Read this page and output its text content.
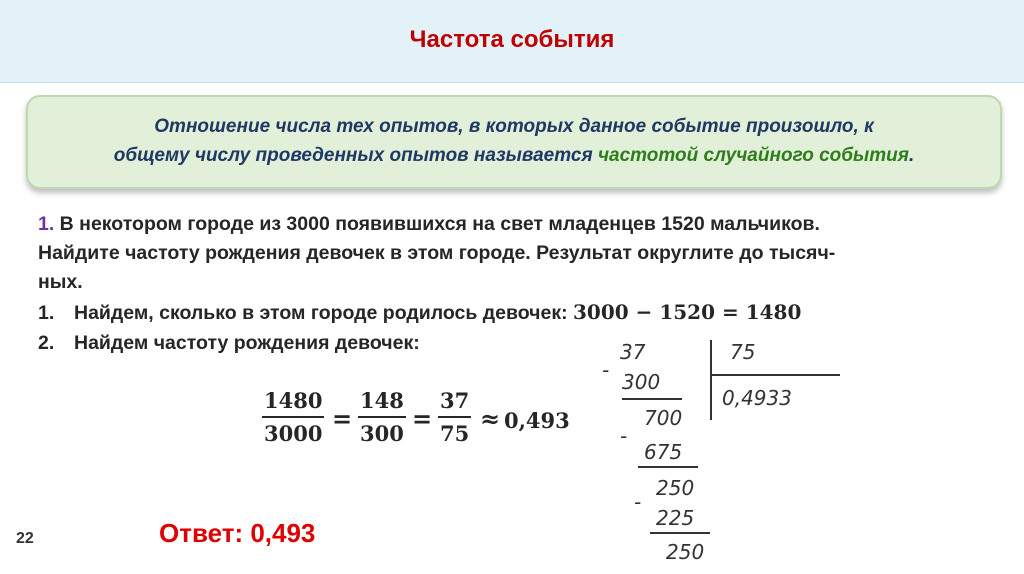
Частота события
Отношение числа тех опытов, в которых данное событие произошло, к
общему числу проведенных опытов называется частотой случайного события.
1. В некотором городе из 3000 появившихся на свет младенцев 1520 мальчиков.
Найдите частоту рождения девочек в этом городе. Результат округлите до тысяч-
ных.
1. Найдем, сколько в этом городе родилось девочек: 3000 − 1520 = 1480
2. Найдем частоту рождения девочек:
$\frac{1480}{3000} = \frac{148}{300} = \frac{37}{75} \approx 0,493$
37	75
-
0,4933
300
700
-
675
250
-
225
250
Ответ: 0,493
22
